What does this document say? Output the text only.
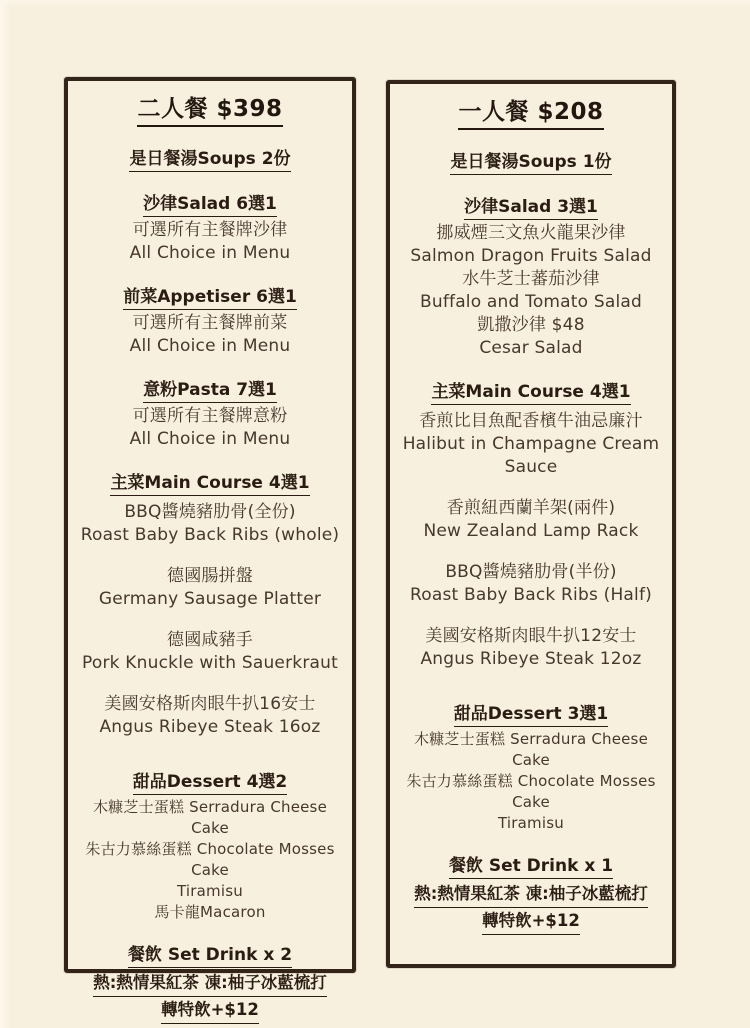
二人餐 $398
是日餐湯Soups 2份
沙律Salad 6選1
可選所有主餐牌沙律
All Choice in Menu
前菜Appetiser 6選1
可選所有主餐牌前菜
All Choice in Menu
意粉Pasta 7選1
可選所有主餐牌意粉
All Choice in Menu
主菜Main Course 4選1
BBQ醬燒豬肋骨(全份)
Roast Baby Back Ribs (whole)
德國腸拼盤
Germany Sausage Platter
德國咸豬手
Pork Knuckle with Sauerkraut
美國安格斯肉眼牛扒16安士
Angus Ribeye Steak 16oz
甜品Dessert 4選2
木糠芝士蛋糕 Serradura Cheese Cake
朱古力慕絲蛋糕 Chocolate Mosses Cake
Tiramisu
馬卡龍Macaron
餐飲 Set Drink x 2
熱:熱情果紅茶 凍:柚子冰藍梳打
轉特飲+$12
一人餐 $208
是日餐湯Soups 1份
沙律Salad 3選1
挪威煙三文魚火龍果沙律
Salmon Dragon Fruits Salad
水牛芝士蕃茄沙律
Buffalo and Tomato Salad
凱撒沙律 $48
Cesar Salad
主菜Main Course 4選1
香煎比目魚配香檳牛油忌廉汁
Halibut in Champagne Cream Sauce
香煎紐西蘭羊架(兩件)
New Zealand Lamp Rack
BBQ醬燒豬肋骨(半份)
Roast Baby Back Ribs (Half)
美國安格斯肉眼牛扒12安士
Angus Ribeye Steak 12oz
甜品Dessert 3選1
木糠芝士蛋糕 Serradura Cheese Cake
朱古力慕絲蛋糕 Chocolate Mosses Cake
Tiramisu
餐飲 Set Drink x 1
熱:熱情果紅茶 凍:柚子冰藍梳打
轉特飲+$12
